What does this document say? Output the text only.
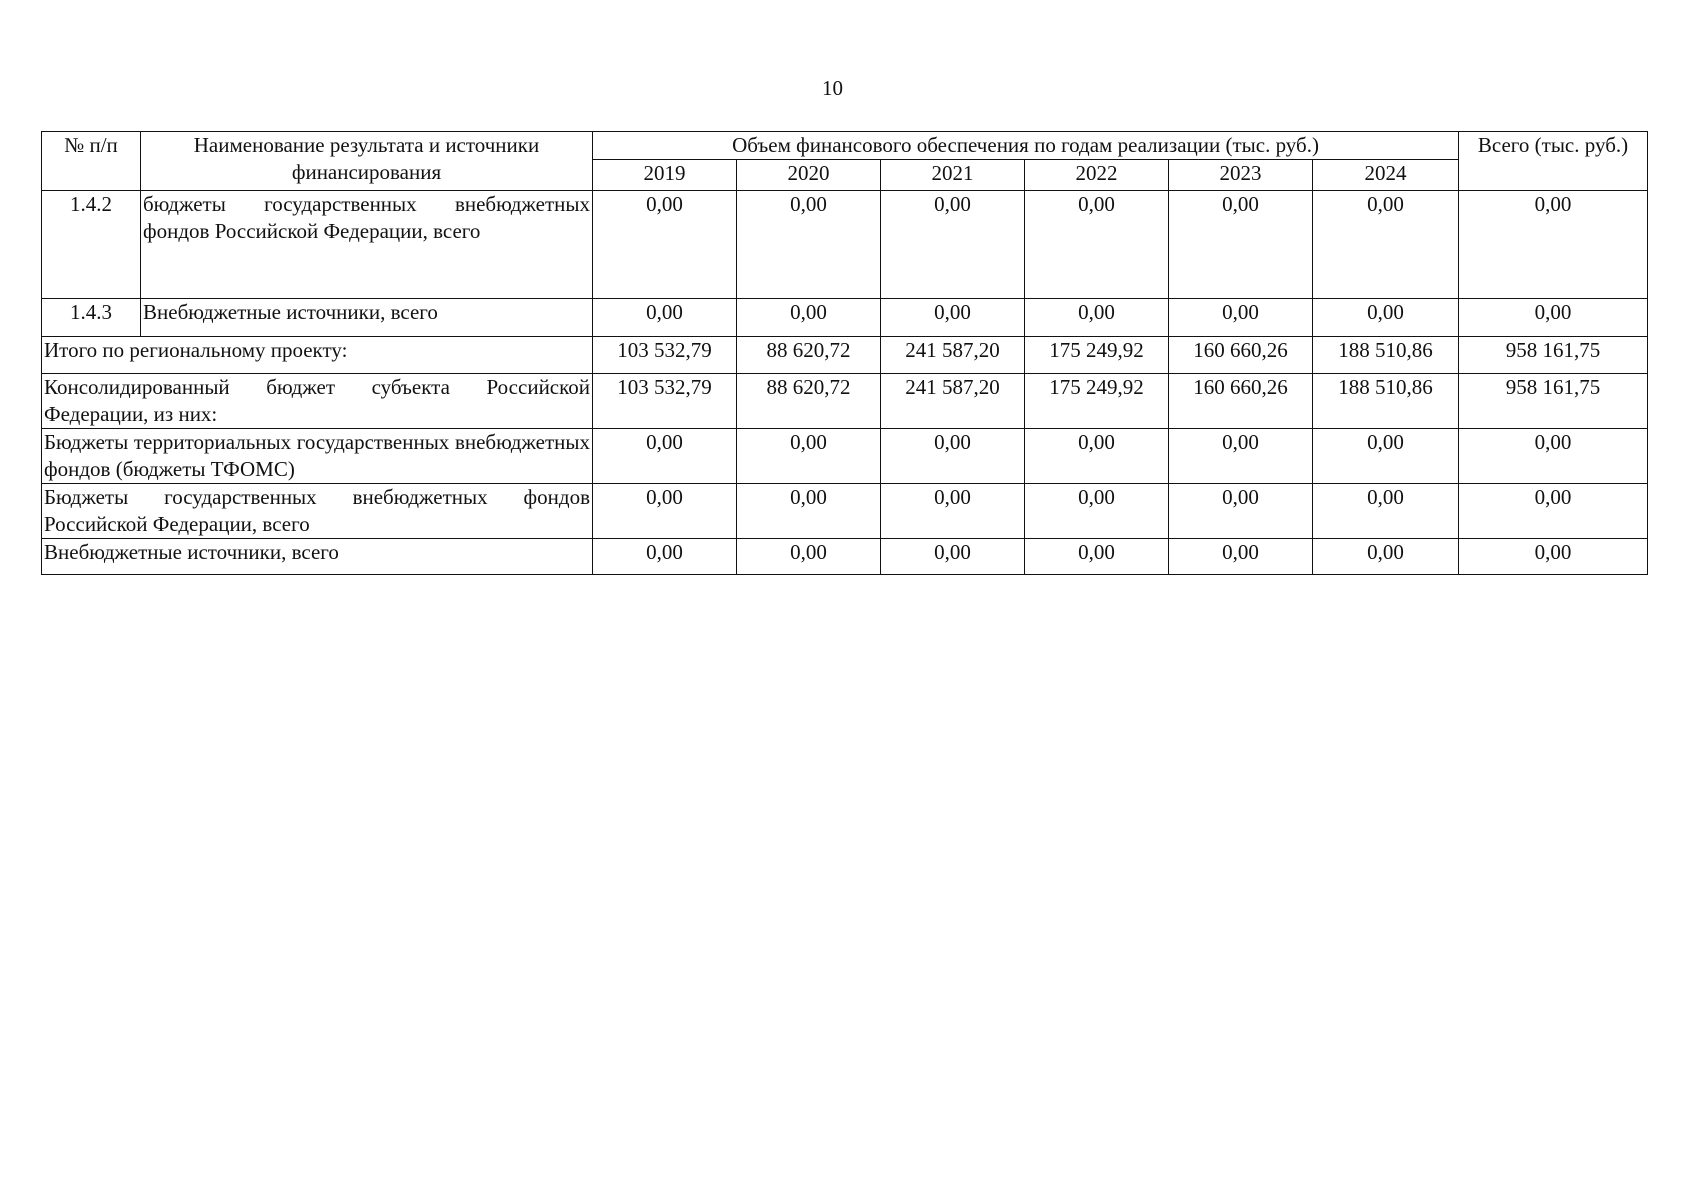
10
№ п/п	Наименование результата и источники финансирования	Объем финансового обеспечения по годам реализации (тыс. руб.)						Всего (тыс. руб.)
		2019	2020	2021	2022	2023	2024	
1.4.2	бюджеты государственных внебюджетных фондов Российской Федерации, всего	0,00	0,00	0,00	0,00	0,00	0,00	0,00
1.4.3	Внебюджетные источники, всего	0,00	0,00	0,00	0,00	0,00	0,00	0,00
Итого по региональному проекту:		103 532,79	88 620,72	241 587,20	175 249,92	160 660,26	188 510,86	958 161,75
Консолидированный бюджет субъекта Российской Федерации, из них:		103 532,79	88 620,72	241 587,20	175 249,92	160 660,26	188 510,86	958 161,75
Бюджеты территориальных государственных внебюджетных фондов (бюджеты ТФОМС)		0,00	0,00	0,00	0,00	0,00	0,00	0,00
Бюджеты государственных внебюджетных фондов Российской Федерации, всего		0,00	0,00	0,00	0,00	0,00	0,00	0,00
Внебюджетные источники, всего		0,00	0,00	0,00	0,00	0,00	0,00	0,00
